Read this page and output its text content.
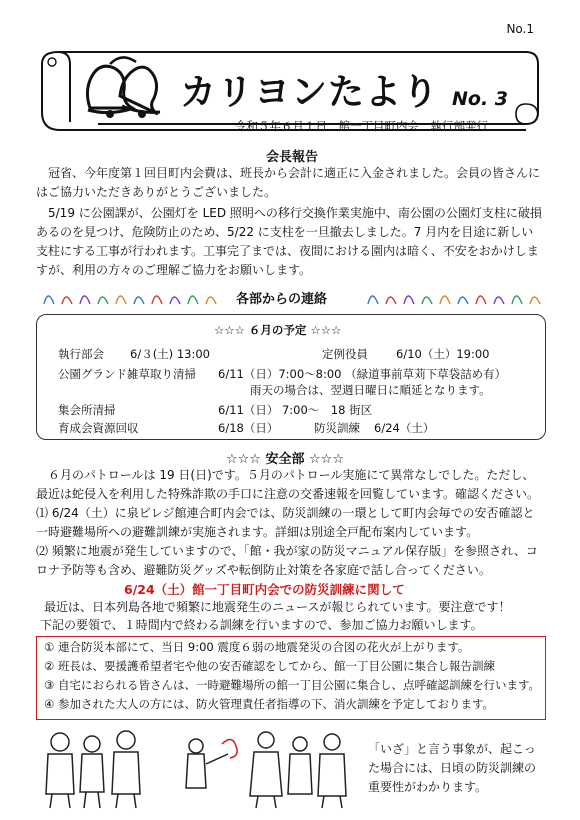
No.1
カリヨンたより No. 3
令和５年６月１日　館一丁目町内会　執行部発行
会長報告
冠省、今年度第１回目町内会費は、班長から会計に適正に入金されました。会員の皆さんにはご協力いただきありがとうございました。
5/19 に公園課が、公園灯を LED 照明への移行交換作業実施中、南公園の公園灯支柱に破損あるのを見つけ、危険防止のため、5/22 に支柱を一旦撤去しました。7 月内を目途に新しい支柱にする工事が行われます。工事完了までは、夜間における園内は暗く、不安をおかけしますが、利用の方々のご理解ご協力をお願いします。
各部からの連絡
☆☆☆ ６月の予定 ☆☆☆
執行部会 6/３(土) 13:00	定例役員 6/10（土）19:00
公園グランド雑草取り清掃 6/11（日）7:00～8:00 （緑道事前草苅下草袋詰め有）
雨天の場合は、翌週日曜日に順延となります。
集会所清掃	6/11（日） 7:00～　18 街区
育成会資源回収	6/18（日）	防災訓練 6/24（土）
☆☆☆ 安全部 ☆☆☆
６月のパトロールは 19 日(日)です。５月のパトロール実施にて異常なしでした。ただし、最近は蛇侵入を利用した特殊詐欺の手口に注意の交番速報を回覧しています。確認ください。
⑴ 6/24（土）に泉ビレジ館連合町内会では、防災訓練の一環として町内会毎での安否確認と一時避難場所への避難訓練が実施されます。詳細は別途全戸配布案内しています。
⑵ 頻繁に地震が発生していますので、「館・我が家の防災マニュアル保存版」を参照され、コロナ予防等も含め、避難防災グッズや転倒防止対策を各家庭で話し合ってください。
6/24（土）館一丁目町内会での防災訓練に関して
最近は、日本列島各地で頻繁に地震発生のニュースが報じられています。要注意です！
下記の要領で、１時間内で終わる訓練を行いますので、参加ご協力お願いします。
① 連合防災本部にて、当日 9:00 震度６弱の地震発災の合図の花火が上がります。
② 班長は、要援護希望者宅や他の安否確認をしてから、館一丁目公園に集合し報告訓練
③ 自宅におられる皆さんは、一時避難場所の館一丁目公園に集合し、点呼確認訓練を行います。
④ 参加された大人の方には、防火管理責任者指導の下、消火訓練を予定しております。
「いざ」と言う事象が、起こった場合には、日頃の防災訓練の重要性がわかります。
